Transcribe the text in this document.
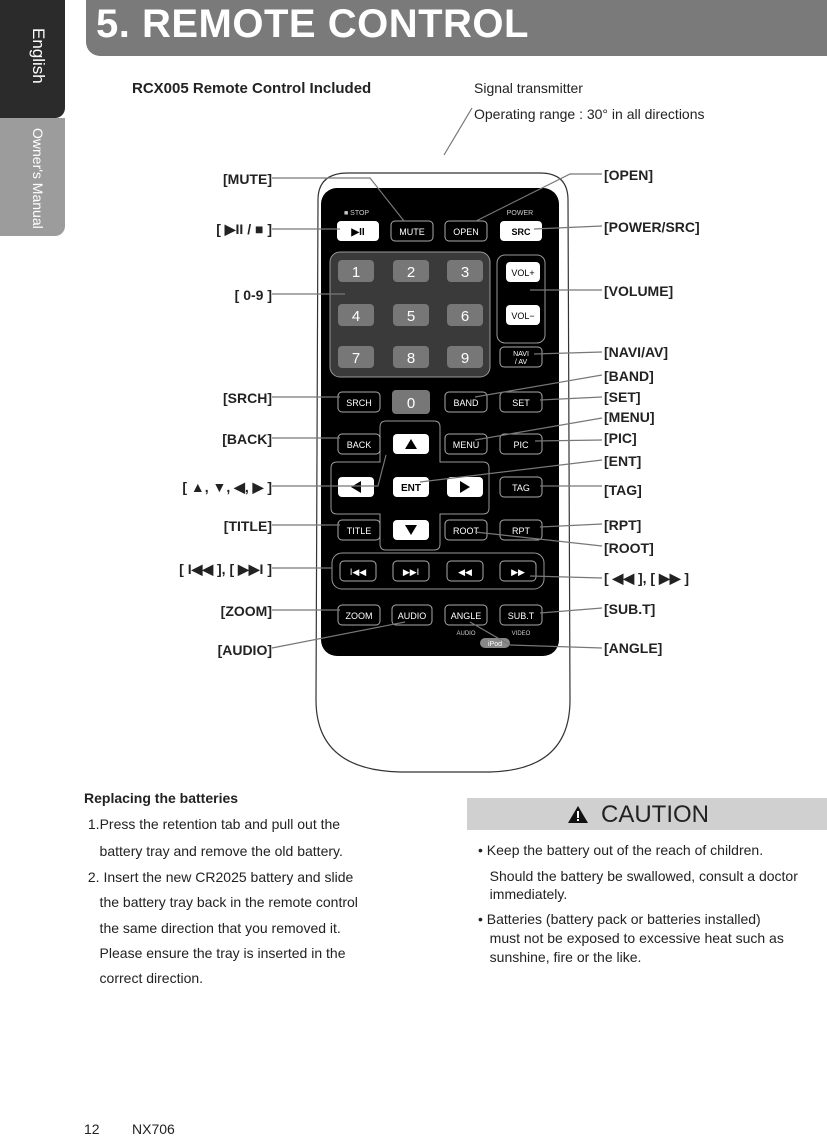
English
Owner's Manual
5. REMOTE CONTROL
RCX005 Remote Control Included	Signal transmitter
Operating range : 30° in all directions
■ STOP
▶II	MUTE	OPEN
POWER
SRC
1	2	3
4	5	6
7	8	9
VOL+
VOL−
NAVI
/ AV
SRCH 0	BAND	SET
BACK	MENU	PIC
ENT	TAG
TITLE	ROOT	RPT
I◀◀	▶▶I	◀◀	▶▶
ZOOM	AUDIO	ANGLE	SUB.T
AUDIO	VIDEO
iPod
[MUTE]
[ ▶II / ■ ]
[ 0-9 ]
[SRCH]
[BACK]
[ ▲, ▼, ◀, ▶ ]
[TITLE]
[ I◀◀ ], [ ▶▶I ]
[ZOOM]
[AUDIO]
[OPEN]
[POWER/SRC]
[VOLUME]
[NAVI/AV]
[BAND]
[SET]
[MENU]
[PIC]
[ENT]
[TAG]
[RPT]
[ROOT]
[ ◀◀ ], [ ▶▶ ]
[SUB.T]
[ANGLE]
Replacing the batteries
1.Press the retention tab and pull out the
battery tray and remove the old battery.
2. Insert the new CR2025 battery and slide
the battery tray back in the remote control
the same direction that you removed it.
Please ensure the tray is inserted in the
correct direction.
CAUTION
• Keep the battery out of the reach of children.
Should the battery be swallowed, consult a doctor
immediately.
• Batteries (battery pack or batteries installed)
must not be exposed to excessive heat such as
sunshine, fire or the like.
12 NX706
